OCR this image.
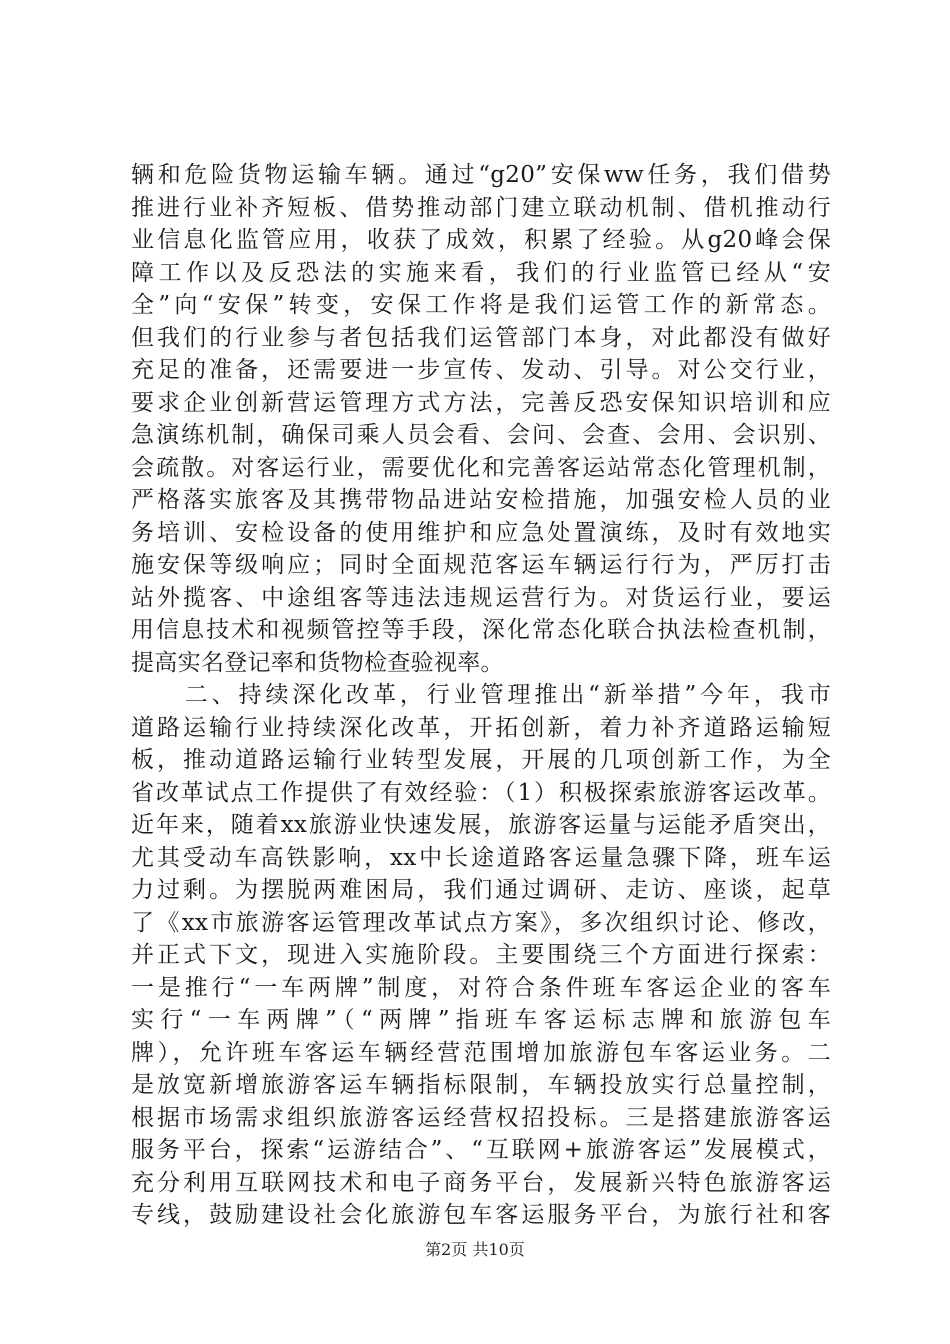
辆和危险货物运输车辆。通过“g20”安保ww任务，我们借势
推进行业补齐短板、借势推动部门建立联动机制、借机推动行
业信息化监管应用，收获了成效，积累了经验。从g20峰会保
障工作以及反恐法的实施来看，我们的行业监管已经从“安
全”向“安保”转变，安保工作将是我们运管工作的新常态。
但我们的行业参与者包括我们运管部门本身，对此都没有做好
充足的准备，还需要进一步宣传、发动、引导。对公交行业，
要求企业创新营运管理方式方法，完善反恐安保知识培训和应
急演练机制，确保司乘人员会看、会问、会查、会用、会识别、
会疏散。对客运行业，需要优化和完善客运站常态化管理机制，
严格落实旅客及其携带物品进站安检措施，加强安检人员的业
务培训、安检设备的使用维护和应急处置演练，及时有效地实
施安保等级响应；同时全面规范客运车辆运行行为，严厉打击
站外揽客、中途组客等违法违规运营行为。对货运行业，要运
用信息技术和视频管控等手段，深化常态化联合执法检查机制，
提高实名登记率和货物检查验视率。
　　二、持续深化改革，行业管理推出“新举措”今年，我市
道路运输行业持续深化改革，开拓创新，着力补齐道路运输短
板，推动道路运输行业转型发展，开展的几项创新工作，为全
省改革试点工作提供了有效经验：（1）积极探索旅游客运改革。
近年来，随着xx旅游业快速发展，旅游客运量与运能矛盾突出，
尤其受动车高铁影响，xx中长途道路客运量急骤下降，班车运
力过剩。为摆脱两难困局，我们通过调研、走访、座谈，起草
了《xx市旅游客运管理改革试点方案》，多次组织讨论、修改，
并正式下文，现进入实施阶段。主要围绕三个方面进行探索：
一是推行“一车两牌”制度，对符合条件班车客运企业的客车
实行“一车两牌”（“两牌”指班车客运标志牌和旅游包车
牌），允许班车客运车辆经营范围增加旅游包车客运业务。二
是放宽新增旅游客运车辆指标限制，车辆投放实行总量控制，
根据市场需求组织旅游客运经营权招投标。三是搭建旅游客运
服务平台，探索“运游结合”、“互联网+旅游客运”发展模式，
充分利用互联网技术和电子商务平台，发展新兴特色旅游客运
专线，鼓励建设社会化旅游包车客运服务平台，为旅行社和客
第2页 共10页
